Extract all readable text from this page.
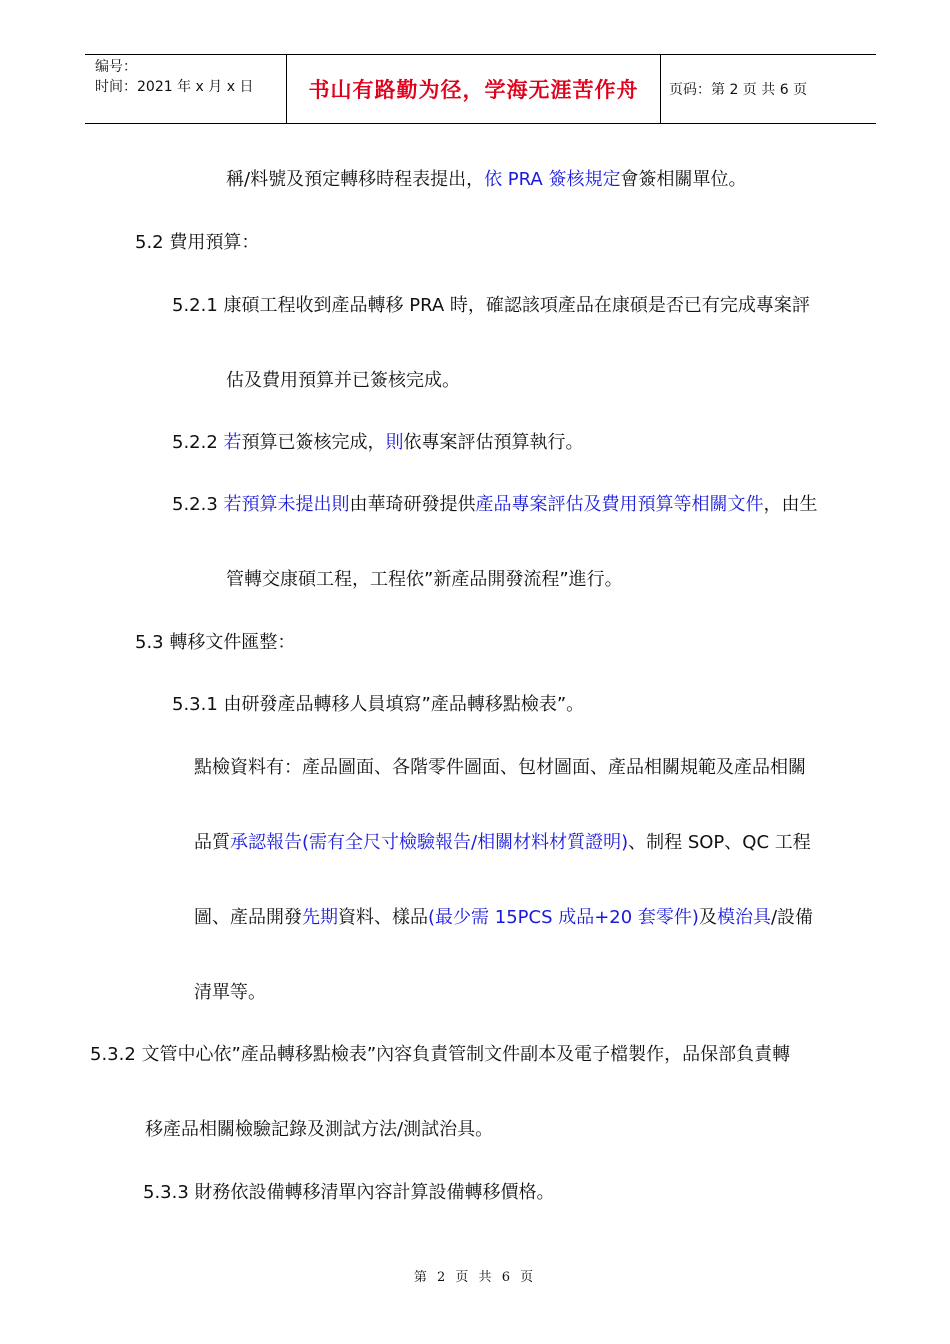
编号：
时间：2021 年 x 月 x 日	书山有路勤为径，学海无涯苦作舟	页码：第 2 页 共 6 页
稱/料號及預定轉移時程表提出，依 PRA 簽核規定會簽相關單位。
5.2 費用預算：
5.2.1 康碩工程收到產品轉移 PRA 時，確認該項產品在康碩是否已有完成專案評
估及費用預算并已簽核完成。
5.2.2 若預算已簽核完成，則依專案評估預算執行。
5.2.3 若預算未提出則由華琦研發提供產品專案評估及費用預算等相關文件，由生
管轉交康碩工程，工程依”新產品開發流程”進行。
5.3 轉移文件匯整：
5.3.1 由研發產品轉移人員填寫”產品轉移點檢表”。
點檢資料有：產品圖面、各階零件圖面、包材圖面、產品相關規範及產品相關
品質承認報告(需有全尺寸檢驗報告/相關材料材質證明)、制程 SOP、QC 工程
圖、產品開發先期資料、樣品(最少需 15PCS 成品+20 套零件)及模治具/設備
清單等。
5.3.2 文管中心依”產品轉移點檢表”內容負責管制文件副本及電子檔製作，品保部負責轉
移產品相關檢驗記錄及測試方法/測試治具。
5.3.3 財務依設備轉移清單內容計算設備轉移價格。
第 2 页 共 6 页
